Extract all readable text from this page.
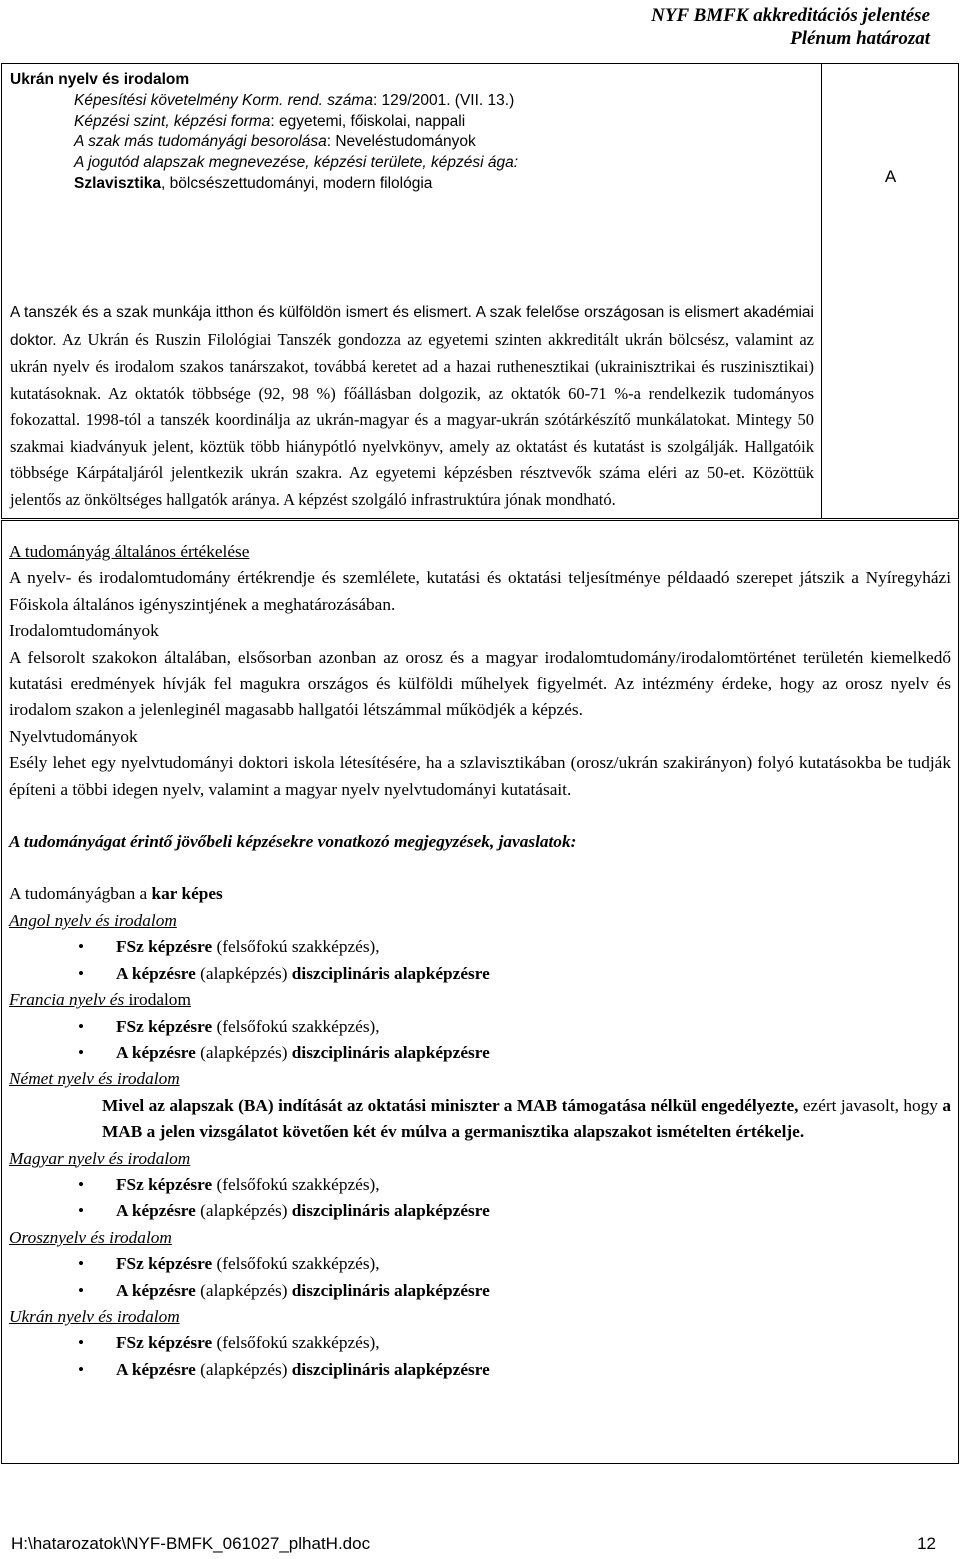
NYF BMFK akkreditációs jelentése
Plénum határozat
A
Ukrán nyelv és irodalom
Képesítési követelmény Korm. rend. száma: 129/2001. (VII. 13.)
Képzési szint, képzési forma: egyetemi, főiskolai, nappali
A szak más tudományági besorolása: Neveléstudományok
A jogutód alapszak megnevezése, képzési területe, képzési ága:
Szlavisztika, bölcsészettudományi, modern filológia
A tanszék és a szak munkája itthon és külföldön ismert és elismert. A szak felelőse országosan is elismert akadémiai doktor. Az Ukrán és Ruszin Filológiai Tanszék gondozza az egyetemi szinten akkreditált ukrán bölcsész, valamint az ukrán nyelv és irodalom szakos tanárszakot, továbbá keretet ad a hazai ruthenesztikai (ukrainisztrikai és ruszinisztikai) kutatásoknak. Az oktatók többsége (92, 98 %) főállásban dolgozik, az oktatók 60-71 %-a rendelkezik tudományos fokozattal. 1998-tól a tanszék koordinálja az ukrán-magyar és a magyar-ukrán szótárkészítő munkálatokat. Mintegy 50 szakmai kiadványuk jelent, köztük több hiánypótló nyelvkönyv, amely az oktatást és kutatást is szolgálják. Hallgatóik többsége Kárpátaljáról jelentkezik ukrán szakra. Az egyetemi képzésben résztvevők száma eléri az 50-et. Közöttük jelentős az önköltséges hallgatók aránya. A képzést szolgáló infrastruktúra jónak mondható.
A tudományág általános értékelése
A nyelv- és irodalomtudomány értékrendje és szemlélete, kutatási és oktatási teljesítménye példaadó szerepet játszik a Nyíregyházi Főiskola általános igényszintjének a meghatározásában.
Irodalomtudományok
A felsorolt szakokon általában, elsősorban azonban az orosz és a magyar irodalomtudomány/irodalomtörténet területén kiemelkedő kutatási eredmények hívják fel magukra országos és külföldi műhelyek figyelmét. Az intézmény érdeke, hogy az orosz nyelv és irodalom szakon a jelenleginél magasabb hallgatói létszámmal működjék a képzés.
Nyelvtudományok
Esély lehet egy nyelvtudományi doktori iskola létesítésére, ha a szlavisztikában (orosz/ukrán szakirányon) folyó kutatásokba be tudják építeni a többi idegen nyelv, valamint a magyar nyelv nyelvtudományi kutatásait.
A tudományágat érintő jövőbeli képzésekre vonatkozó megjegyzések, javaslatok:
A tudományágban a kar képes
Angol nyelv és irodalom
•	FSz képzésre (felsőfokú szakképzés),
•	A képzésre (alapképzés) diszciplináris alapképzésre
Francia nyelv és irodalom
•	FSz képzésre (felsőfokú szakképzés),
•	A képzésre (alapképzés) diszciplináris alapképzésre
Német nyelv és irodalom
Mivel az alapszak (BA) indítását az oktatási miniszter a MAB támogatása nélkül engedélyezte, ezért javasolt, hogy a MAB a jelen vizsgálatot követően két év múlva a germanisztika alapszakot ismételten értékelje.
Magyar nyelv és irodalom
•	FSz képzésre (felsőfokú szakképzés),
•	A képzésre (alapképzés) diszciplináris alapképzésre
Orosznyelv és irodalom
•	FSz képzésre (felsőfokú szakképzés),
•	A képzésre (alapképzés) diszciplináris alapképzésre
Ukrán nyelv és irodalom
•	FSz képzésre (felsőfokú szakképzés),
•	A képzésre (alapképzés) diszciplináris alapképzésre
H:\hatarozatok\NYF-BMFK_061027_plhatH.doc	12
